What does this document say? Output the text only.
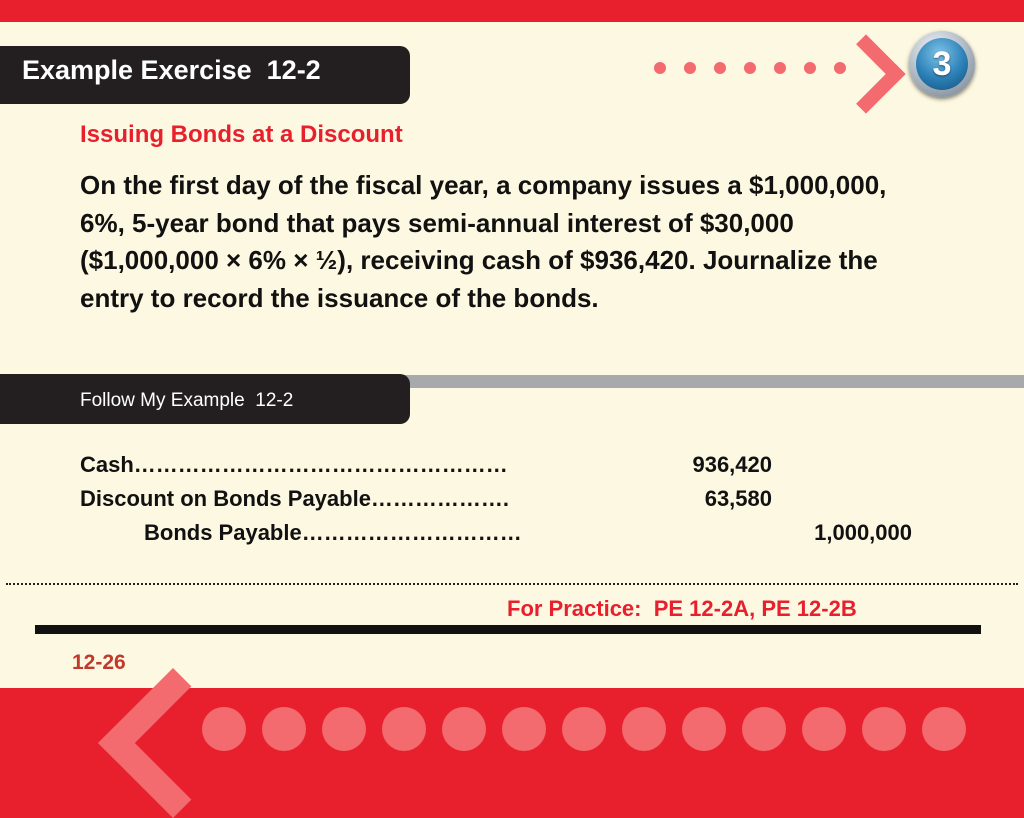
3
Example Exercise  12-2
Issuing Bonds at a Discount
On the first day of the fiscal year, a company issues a $1,000,000, 6%, 5-year bond that pays semi-annual interest of $30,000 ($1,000,000 × 6% × ½), receiving cash of $936,420. Journalize the entry to record the issuance of the bonds.
Follow My Example  12-2
Cash……………………………………………	936,420
Discount on Bonds Payable……………….	63,580
Bonds Payable…………………………	1,000,000
For Practice:  PE 12-2A, PE 12-2B
12-26
